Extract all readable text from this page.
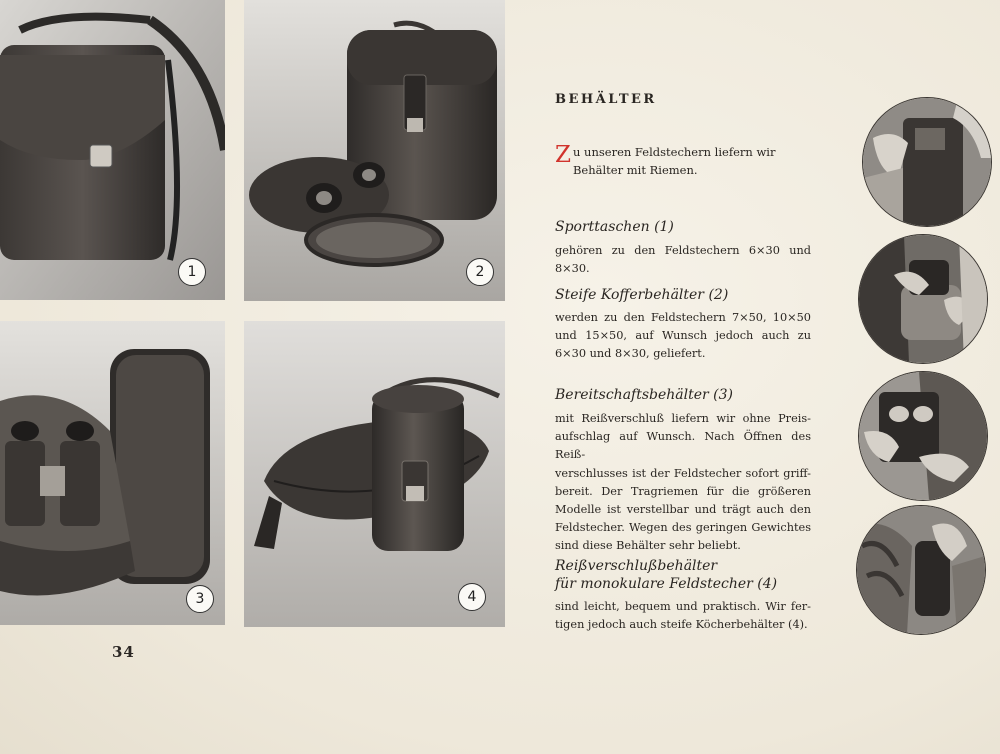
1	2
3	4
34
BEHÄLTER
Z u unseren Feldstechern liefern wir Behälter mit Riemen.
Sporttaschen (1)
gehören zu den Feldstechern 6×30 und 8×30.
Steife Kofferbehälter (2)
werden zu den Feldstechern 7×50, 10×50
und 15×50, auf Wunsch jedoch auch zu
6×30 und 8×30, geliefert.
Bereitschaftsbehälter (3)
mit Reißverschluß liefern wir ohne Preis-
aufschlag auf Wunsch. Nach Öffnen des Reiß-
verschlusses ist der Feldstecher sofort griff-
bereit. Der Tragriemen für die größeren
Modelle ist verstellbar und trägt auch den
Feldstecher. Wegen des geringen Gewichtes
sind diese Behälter sehr beliebt.
Reißverschlußbehälter
für monokulare Feldstecher (4)
sind leicht, bequem und praktisch. Wir fer-
tigen jedoch auch steife Köcherbehälter (4).
